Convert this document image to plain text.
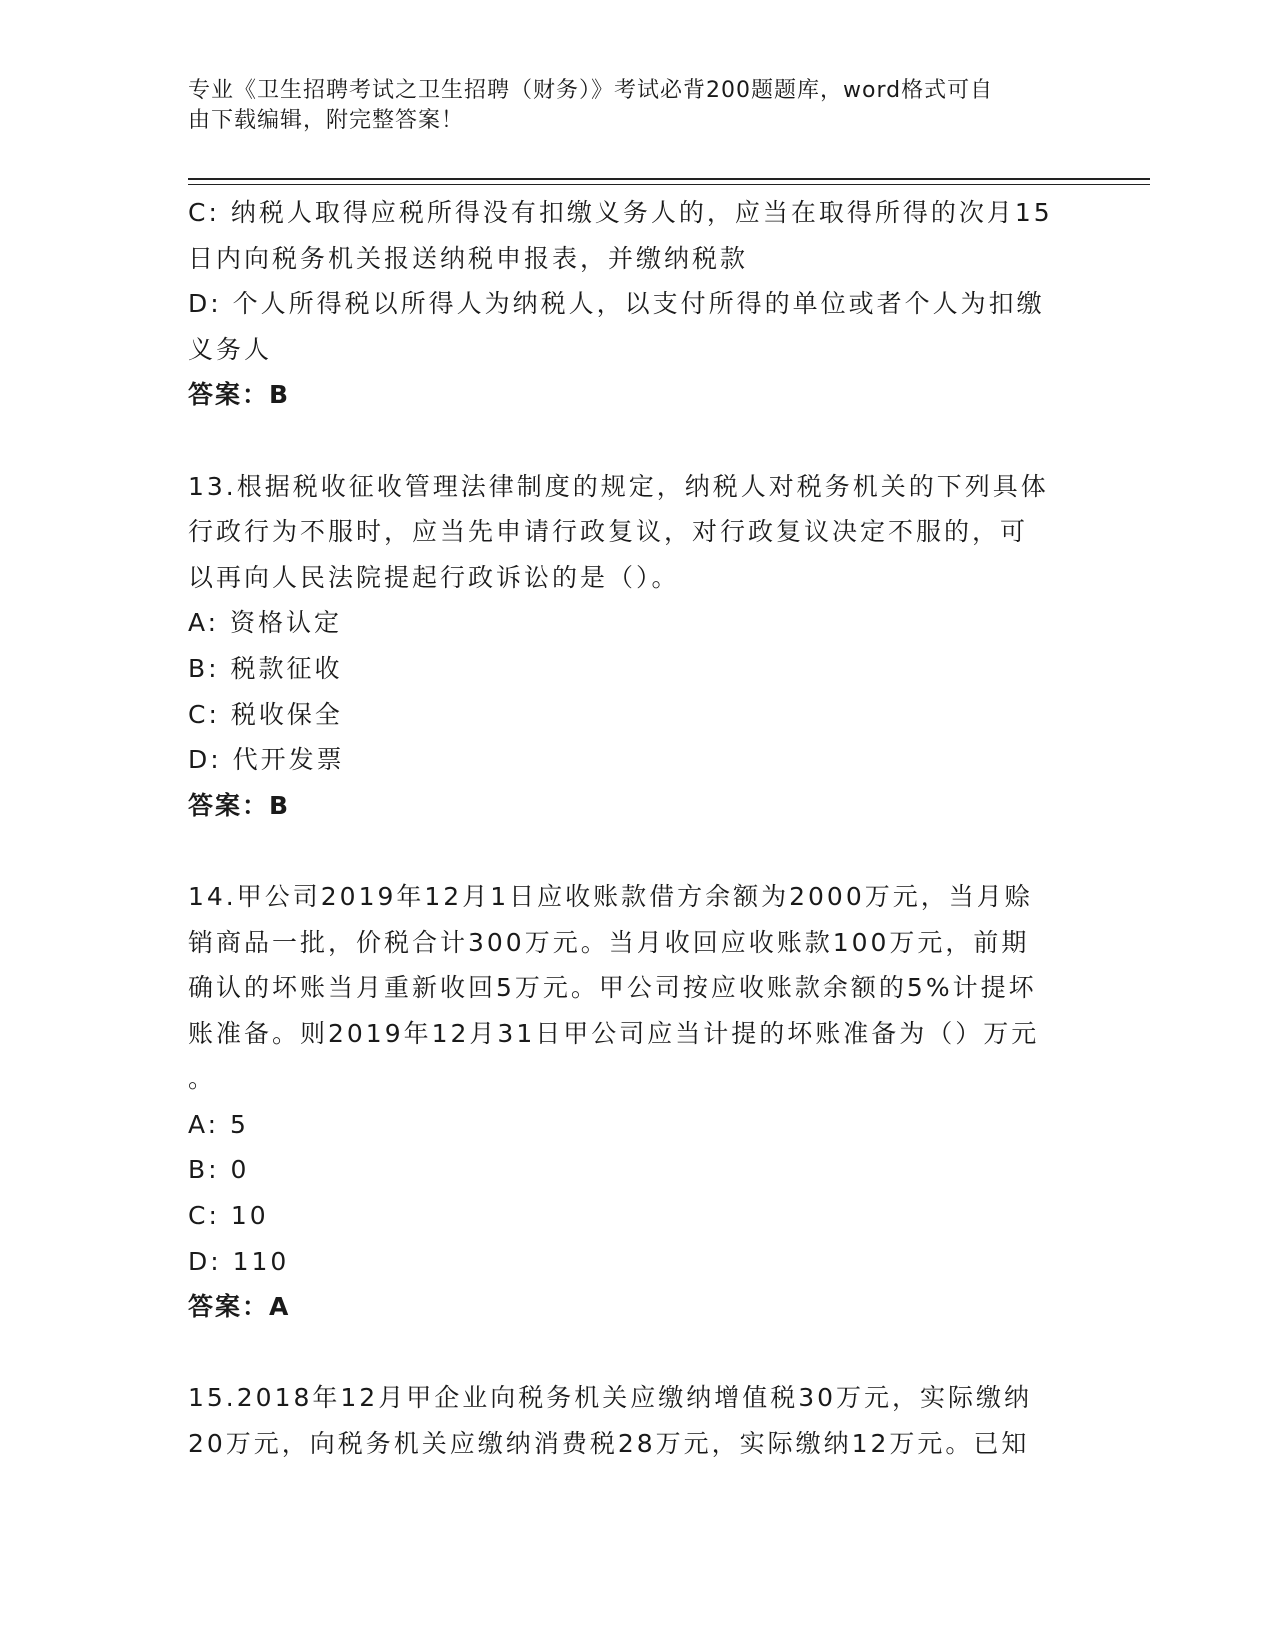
专业《卫生招聘考试之卫生招聘（财务）》考试必背200题题库，word格式可自
由下载编辑，附完整答案！
C: 纳税人取得应税所得没有扣缴义务人的，应当在取得所得的次月15
日内向税务机关报送纳税申报表，并缴纳税款
D: 个人所得税以所得人为纳税人，以支付所得的单位或者个人为扣缴
义务人
答案：B
13.根据税收征收管理法律制度的规定，纳税人对税务机关的下列具体
行政行为不服时，应当先申请行政复议，对行政复议决定不服的，可
以再向人民法院提起行政诉讼的是（）。
A: 资格认定
B: 税款征收
C: 税收保全
D: 代开发票
答案：B
14.甲公司2019年12月1日应收账款借方余额为2000万元，当月赊
销商品一批，价税合计300万元。当月收回应收账款100万元，前期
确认的坏账当月重新收回5万元。甲公司按应收账款余额的5%计提坏
账准备。则2019年12月31日甲公司应当计提的坏账准备为（）万元
。
A: 5
B: 0
C: 10
D: 110
答案：A
15.2018年12月甲企业向税务机关应缴纳增值税30万元，实际缴纳
20万元，向税务机关应缴纳消费税28万元，实际缴纳12万元。已知
